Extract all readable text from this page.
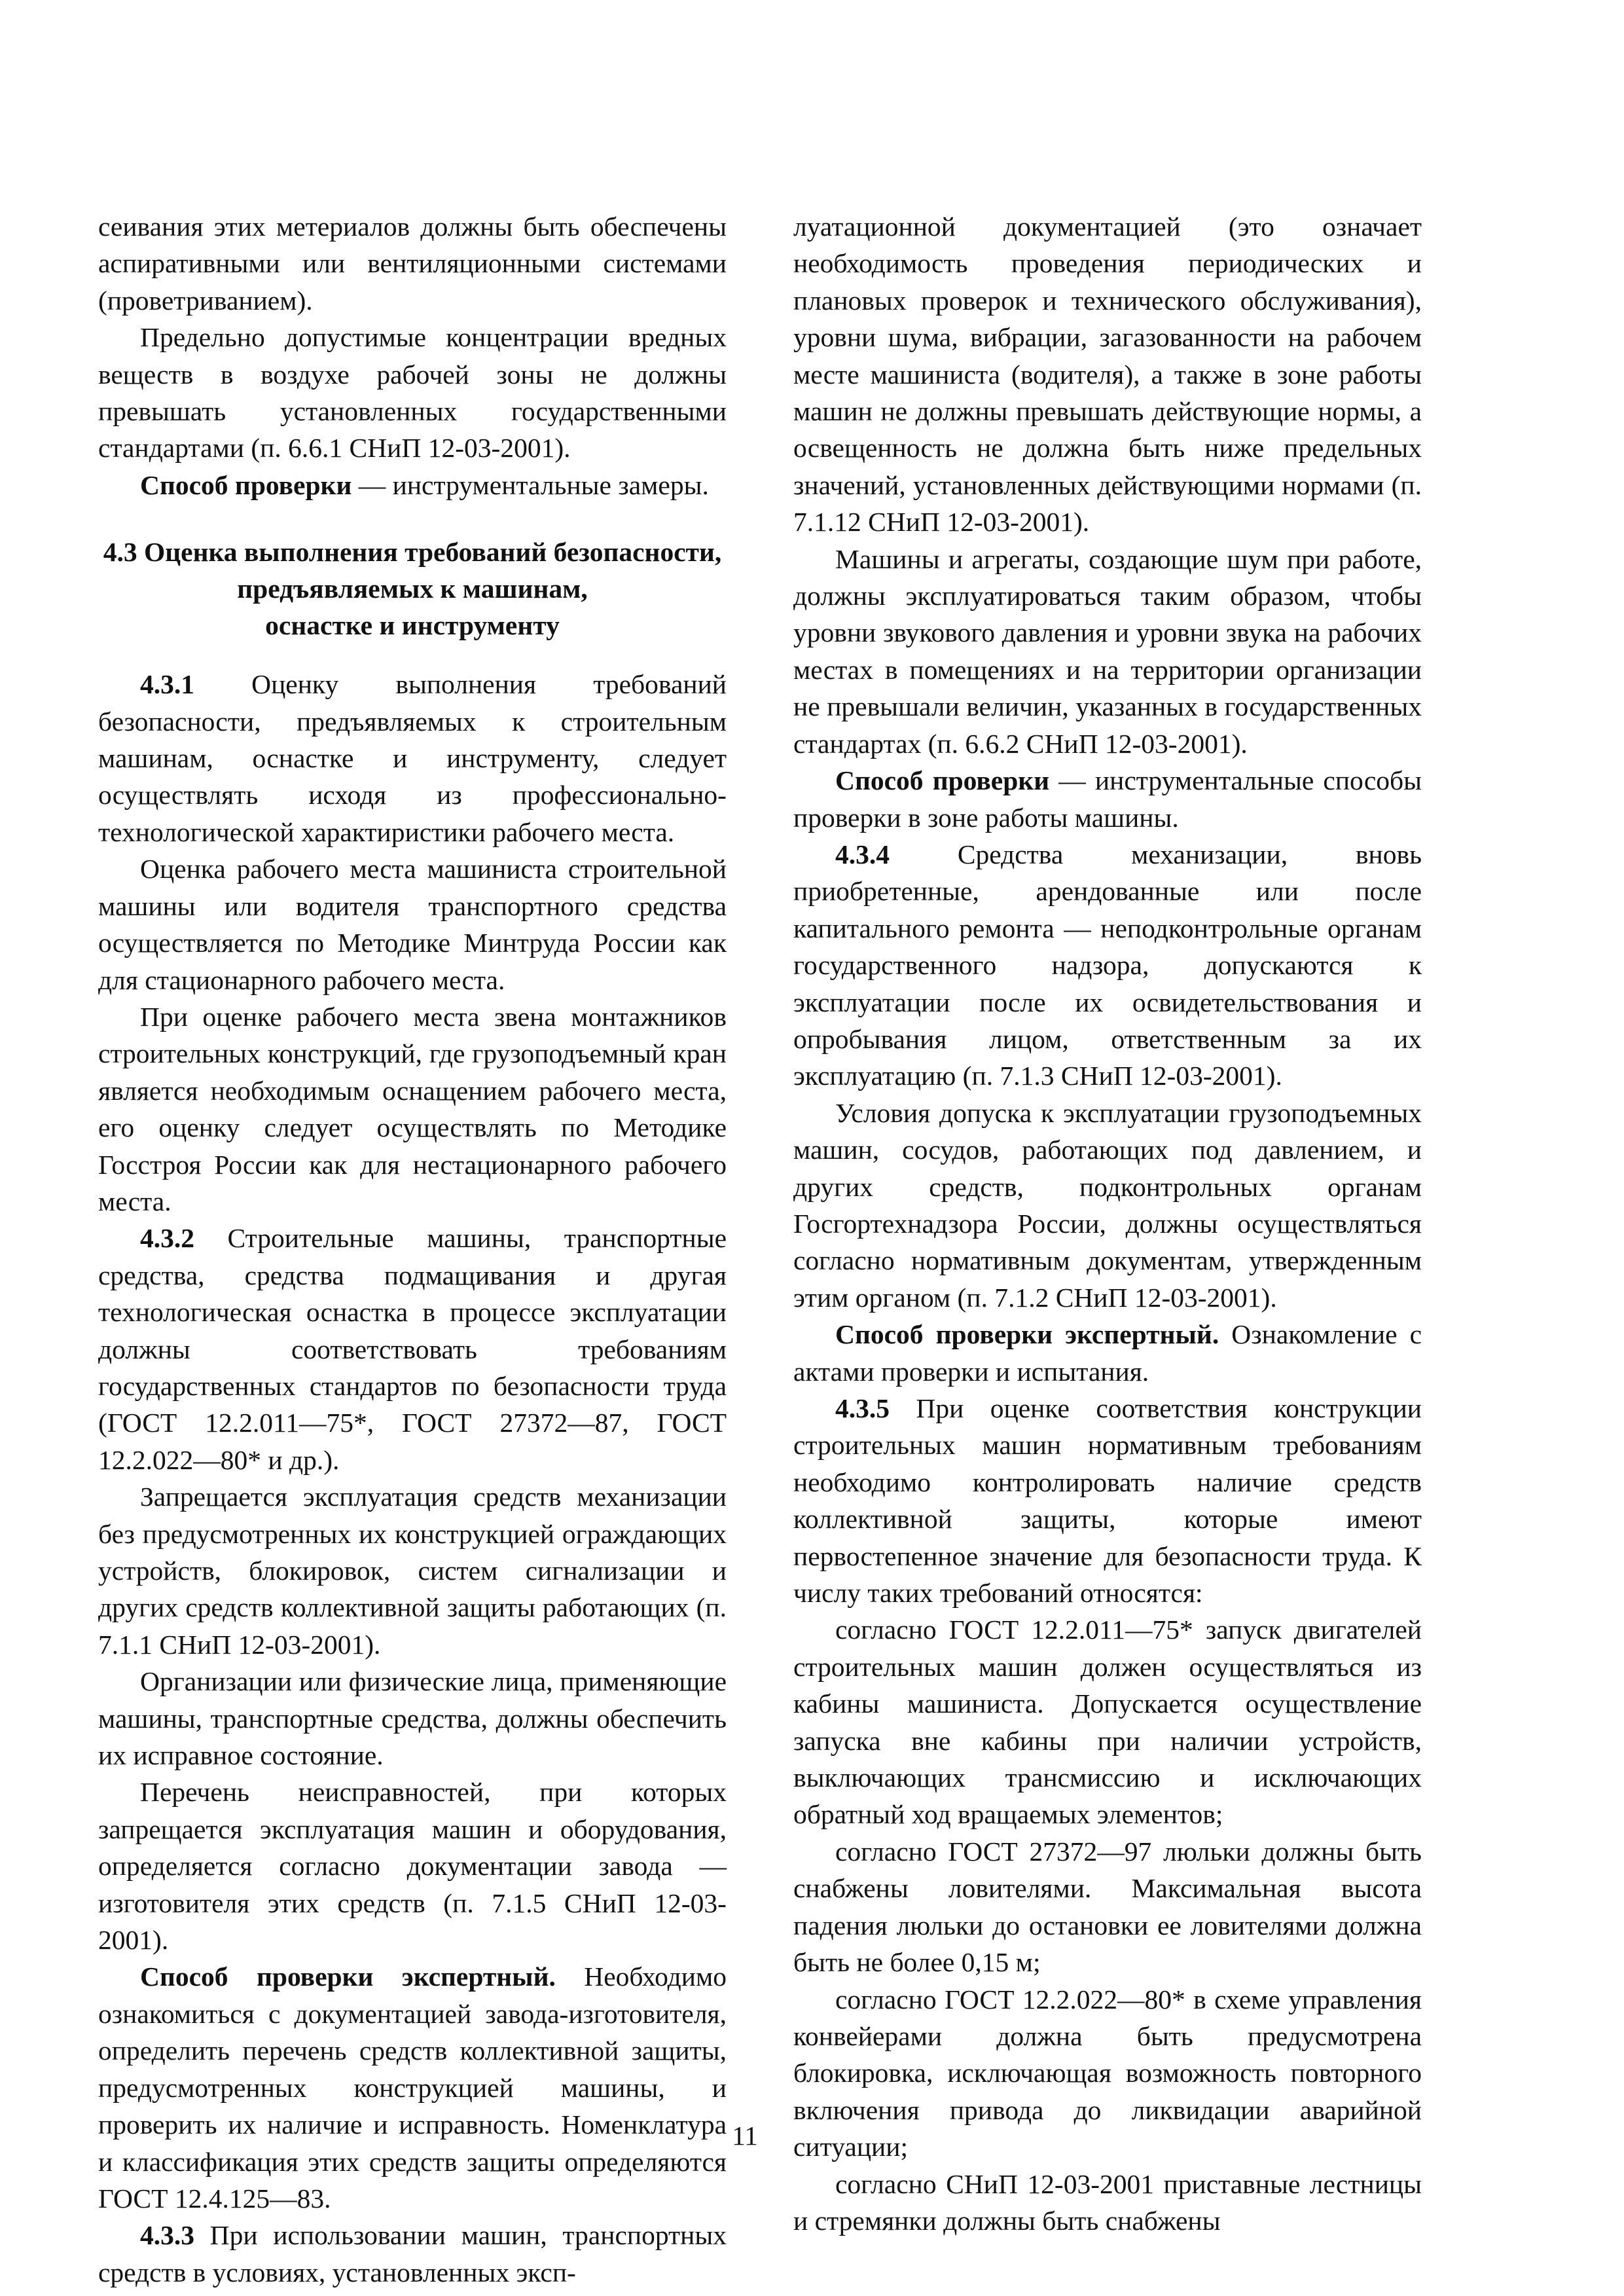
сеивания этих метериалов должны быть обеспечены аспиративными или вентиляционными системами (проветриванием).

Предельно допустимые концентрации вредных веществ в воздухе рабочей зоны не должны превышать установленных государственными стандартами (п. 6.6.1 СНиП 12-03-2001).

Способ проверки — инструментальные замеры.

4.3 Оценка выполнения требований безопасности,
предъявляемых к машинам,
оснастке и инструменту

4.3.1 Оценку выполнения требований безопасности, предъявляемых к строительным машинам, оснастке и инструменту, следует осуществлять исходя из профессионально-технологической характиристики рабочего места.

Оценка рабочего места машиниста строительной машины или водителя транспортного средства осуществляется по Методике Минтруда России как для стационарного рабочего места.

При оценке рабочего места звена монтажников строительных конструкций, где грузоподъемный кран является необходимым оснащением рабочего места, его оценку следует осуществлять по Методике Госстроя России как для нестационарного рабочего места.

4.3.2 Строительные машины, транспортные средства, средства подмащивания и другая технологическая оснастка в процессе эксплуатации должны соответствовать требованиям государственных стандартов по безопасности труда (ГОСТ 12.2.011—75*, ГОСТ 27372—87, ГОСТ 12.2.022—80* и др.).

Запрещается эксплуатация средств механизации без предусмотренных их конструкцией ограждающих устройств, блокировок, систем сигнализации и других средств коллективной защиты работающих (п. 7.1.1 СНиП 12-03-2001).

Организации или физические лица, применяющие машины, транспортные средства, должны обеспечить их исправное состояние.

Перечень неисправностей, при которых запрещается эксплуатация машин и оборудования, определяется согласно документации завода — изготовителя этих средств (п. 7.1.5 СНиП 12-03-2001).

Способ проверки экспертный. Необходимо ознакомиться с документацией завода-изготовителя, определить перечень средств коллективной защиты, предусмотренных конструкцией машины, и проверить их наличие и исправность. Номенклатура и классификация этих средств защиты определяются ГОСТ 12.4.125—83.

4.3.3 При использовании машин, транспортных средств в условиях, установленных эксп-

луатационной документацией (это означает необходимость проведения периодических и плановых проверок и технического обслуживания), уровни шума, вибрации, загазованности на рабочем месте машиниста (водителя), а также в зоне работы машин не должны превышать действующие нормы, а освещенность не должна быть ниже предельных значений, установленных действующими нормами (п. 7.1.12 СНиП 12-03-2001).

Машины и агрегаты, создающие шум при работе, должны эксплуатироваться таким образом, чтобы уровни звукового давления и уровни звука на рабочих местах в помещениях и на территории организации не превышали величин, указанных в государственных стандартах (п. 6.6.2 СНиП 12-03-2001).

Способ проверки — инструментальные способы проверки в зоне работы машины.

4.3.4 Средства механизации, вновь приобретенные, арендованные или после капитального ремонта — неподконтрольные органам государственного надзора, допускаются к эксплуатации после их освидетельствования и опробывания лицом, ответственным за их эксплуатацию (п. 7.1.3 СНиП 12-03-2001).

Условия допуска к эксплуатации грузоподъемных машин, сосудов, работающих под давлением, и других средств, подконтрольных органам Госгортехнадзора России, должны осуществляться согласно нормативным документам, утвержденным этим органом (п. 7.1.2 СНиП 12-03-2001).

Способ проверки экспертный. Ознакомление с актами проверки и испытания.

4.3.5 При оценке соответствия конструкции строительных машин нормативным требованиям необходимо контролировать наличие средств коллективной защиты, которые имеют первостепенное значение для безопасности труда. К числу таких требований относятся:

согласно ГОСТ 12.2.011—75* запуск двигателей строительных машин должен осуществляться из кабины машиниста. Допускается осуществление запуска вне кабины при наличии устройств, выключающих трансмиссию и исключающих обратный ход вращаемых элементов;

согласно ГОСТ 27372—97 люльки должны быть снабжены ловителями. Максимальная высота падения люльки до остановки ее ловителями должна быть не более 0,15 м;

согласно ГОСТ 12.2.022—80* в схеме управления конвейерами должна быть предусмотрена блокировка, исключающая возможность повторного включения привода до ликвидации аварийной ситуации;

согласно СНиП 12-03-2001 приставные лестницы и стремянки должны быть снабжены

11
